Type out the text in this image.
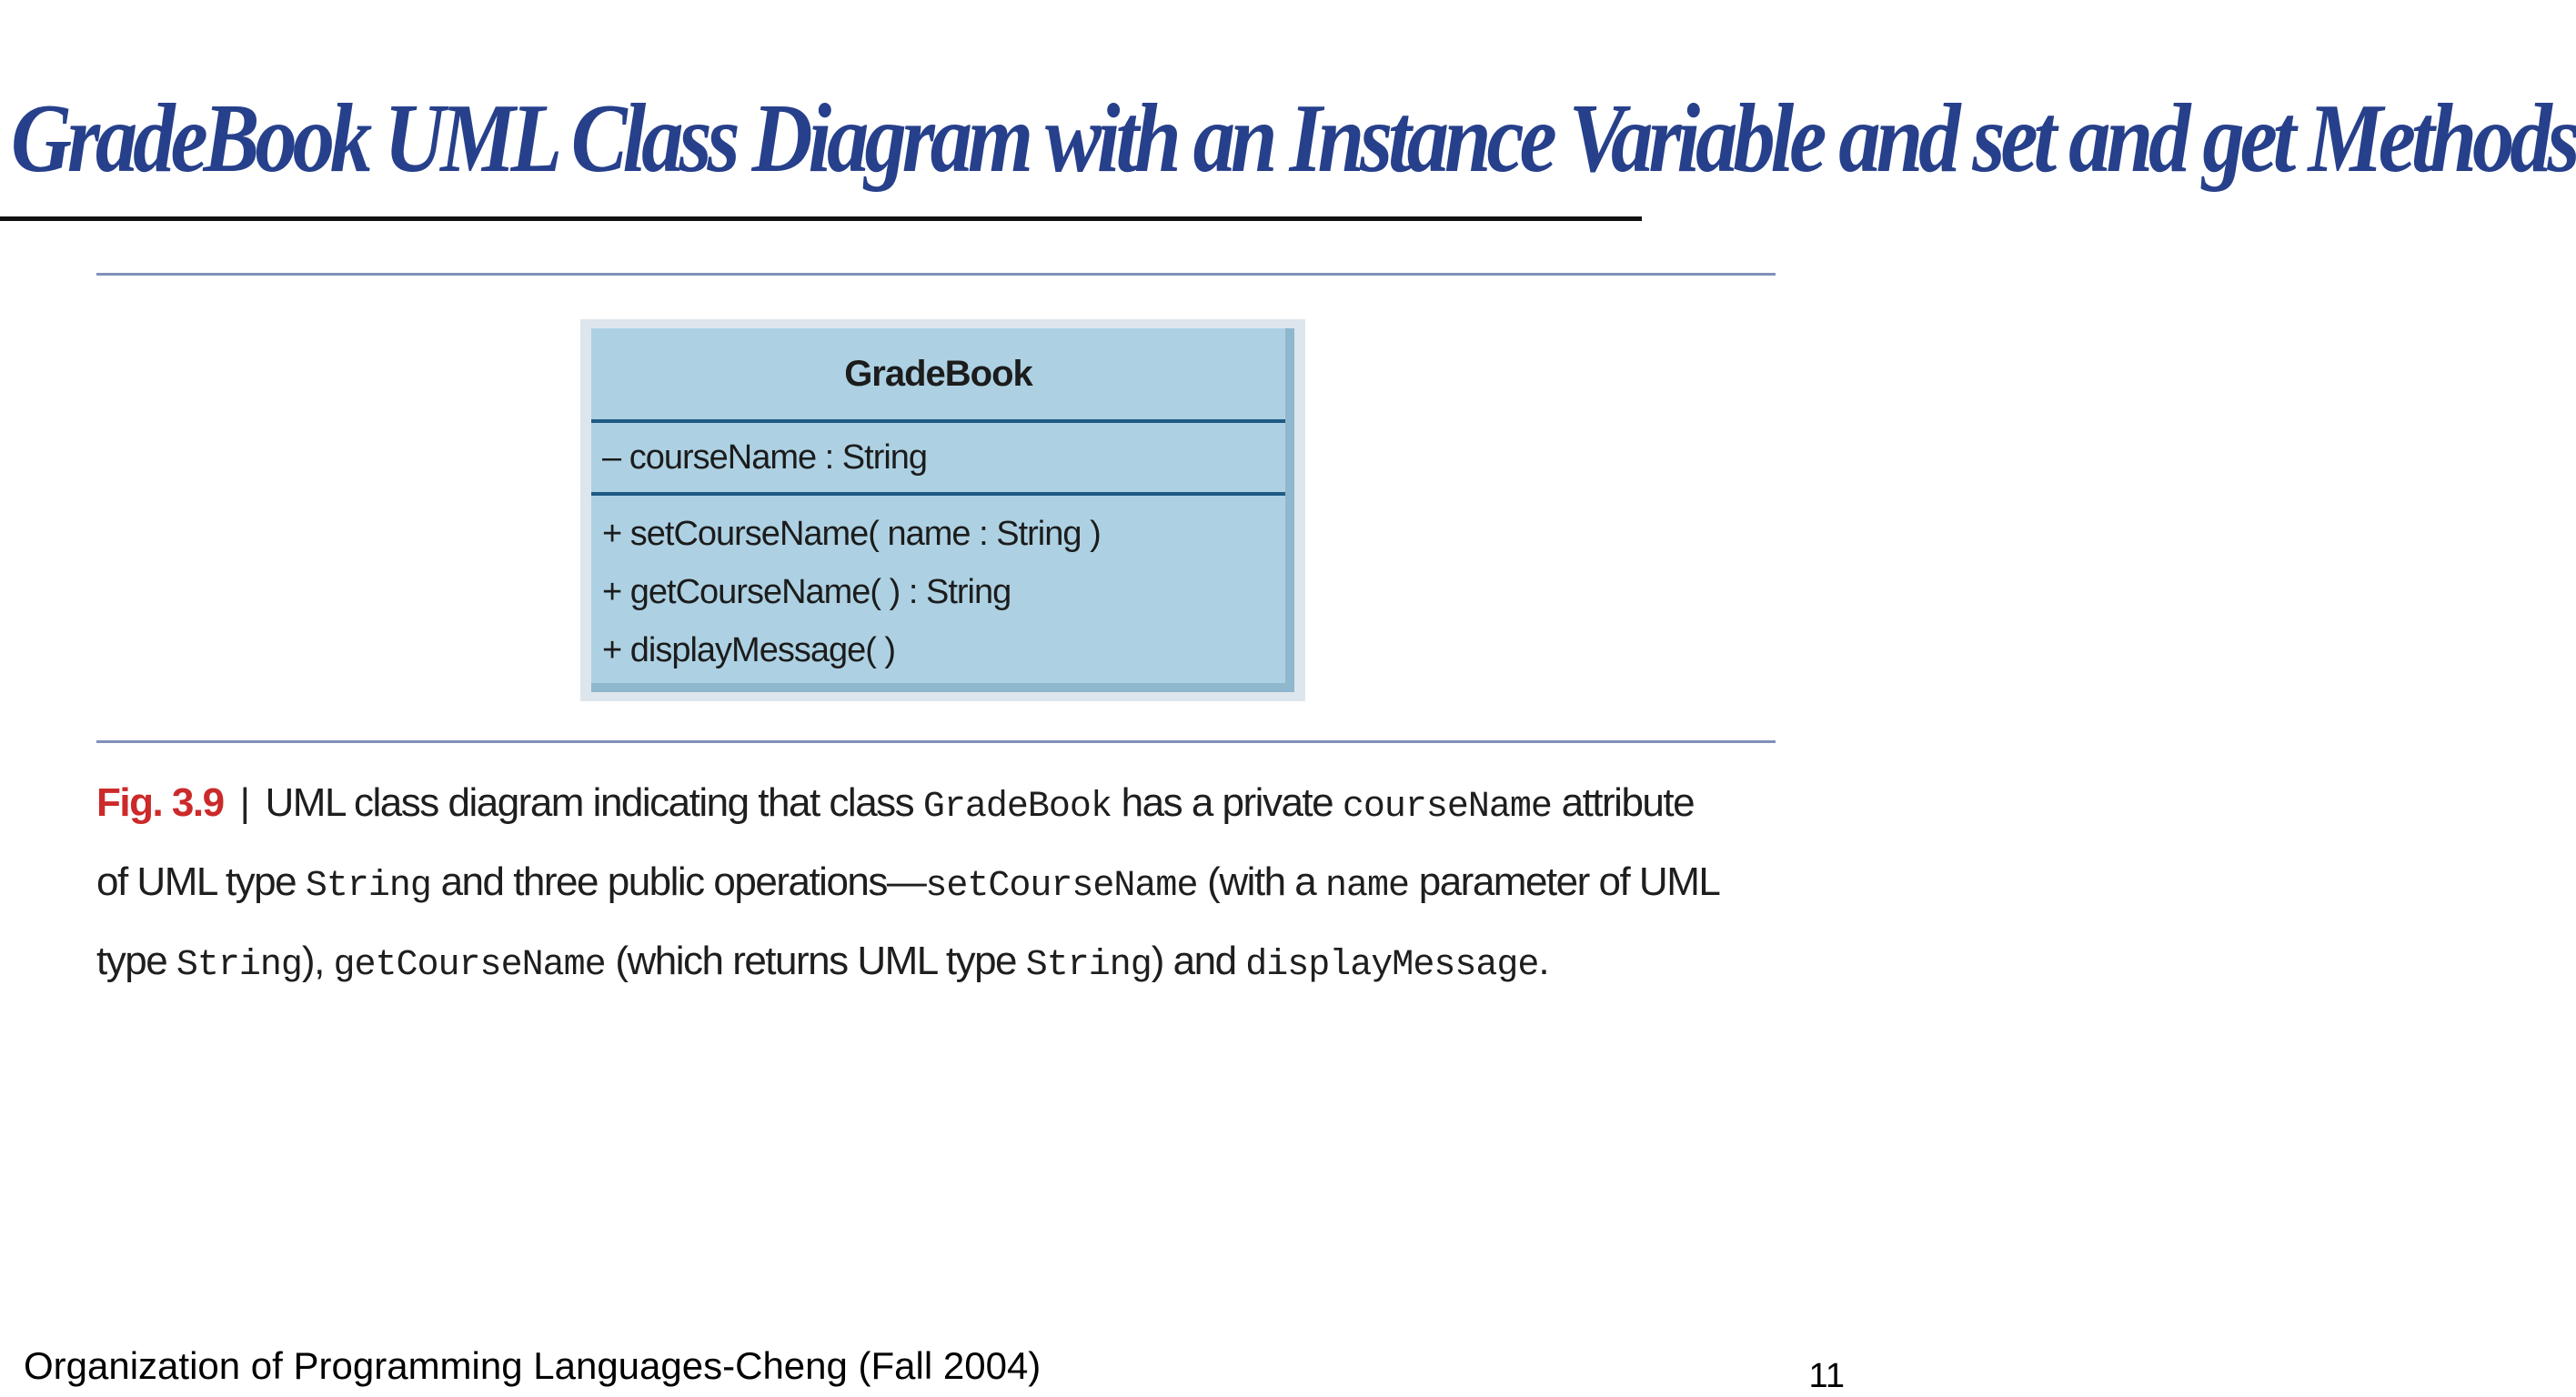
GradeBook UML Class Diagram with an Instance Variable and set and get Methods
GradeBook
– courseName : String
+ setCourseName( name : String )
+ getCourseName( ) : String
+ displayMessage( )
Fig. 3.9 | UML class diagram indicating that class GradeBook has a private courseName attribute of UML type String and three public operations—setCourseName (with a name parameter of UML type String), getCourseName (which returns UML type String) and displayMessage.
Organization of Programming Languages-Cheng (Fall 2004)	11
